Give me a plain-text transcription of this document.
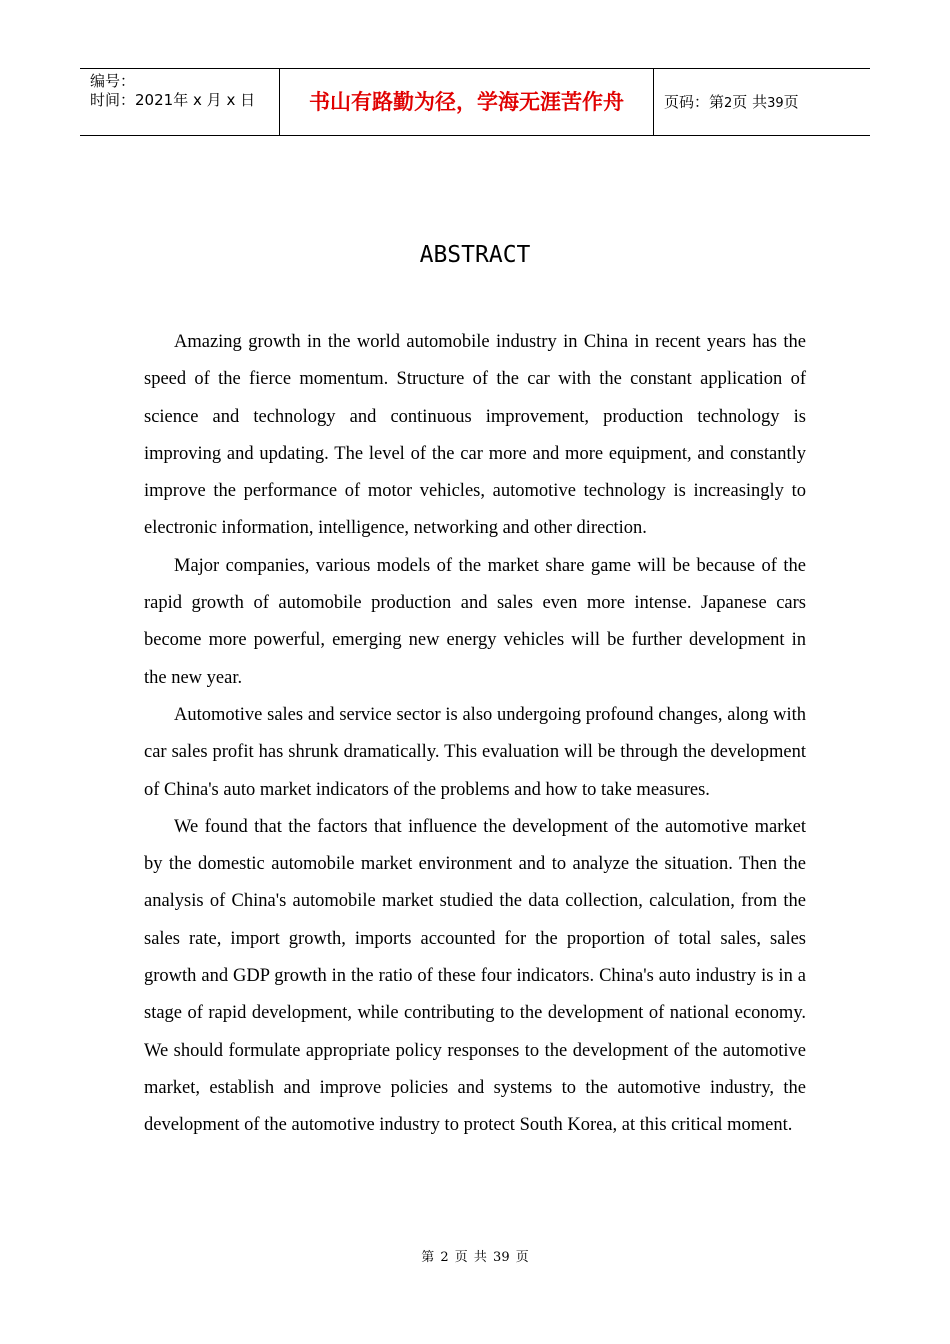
编号：
时间：2021年 x 月 x 日	书山有路勤为径，学海无涯苦作舟	页码：第2页 共39页
ABSTRACT

Amazing growth in the world automobile industry in China in recent years has the speed of the fierce momentum. Structure of the car with the constant application of science and technology and continuous improvement, production technology is improving and updating. The level of the car more and more equipment, and constantly improve the performance of motor vehicles, automotive technology is increasingly to electronic information, intelligence, networking and other direction.

Major companies, various models of the market share game will be because of the rapid growth of automobile production and sales even more intense. Japanese cars become more powerful, emerging new energy vehicles will be further development in the new year.

Automotive sales and service sector is also undergoing profound changes, along with car sales profit has shrunk dramatically. This evaluation will be through the development of China's auto market indicators of the problems and how to take measures.

We found that the factors that influence the development of the automotive market by the domestic automobile market environment and to analyze the situation. Then the analysis of China's automobile market studied the data collection, calculation, from the sales rate, import growth, imports accounted for the proportion of total sales, sales growth and GDP growth in the ratio of these four indicators. China's auto industry is in a stage of rapid development, while contributing to the development of national economy. We should formulate appropriate policy responses to the development of the automotive market, establish and improve policies and systems to the automotive industry, the development of the automotive industry to protect South Korea, at this critical moment.

第 2 页 共 39 页
